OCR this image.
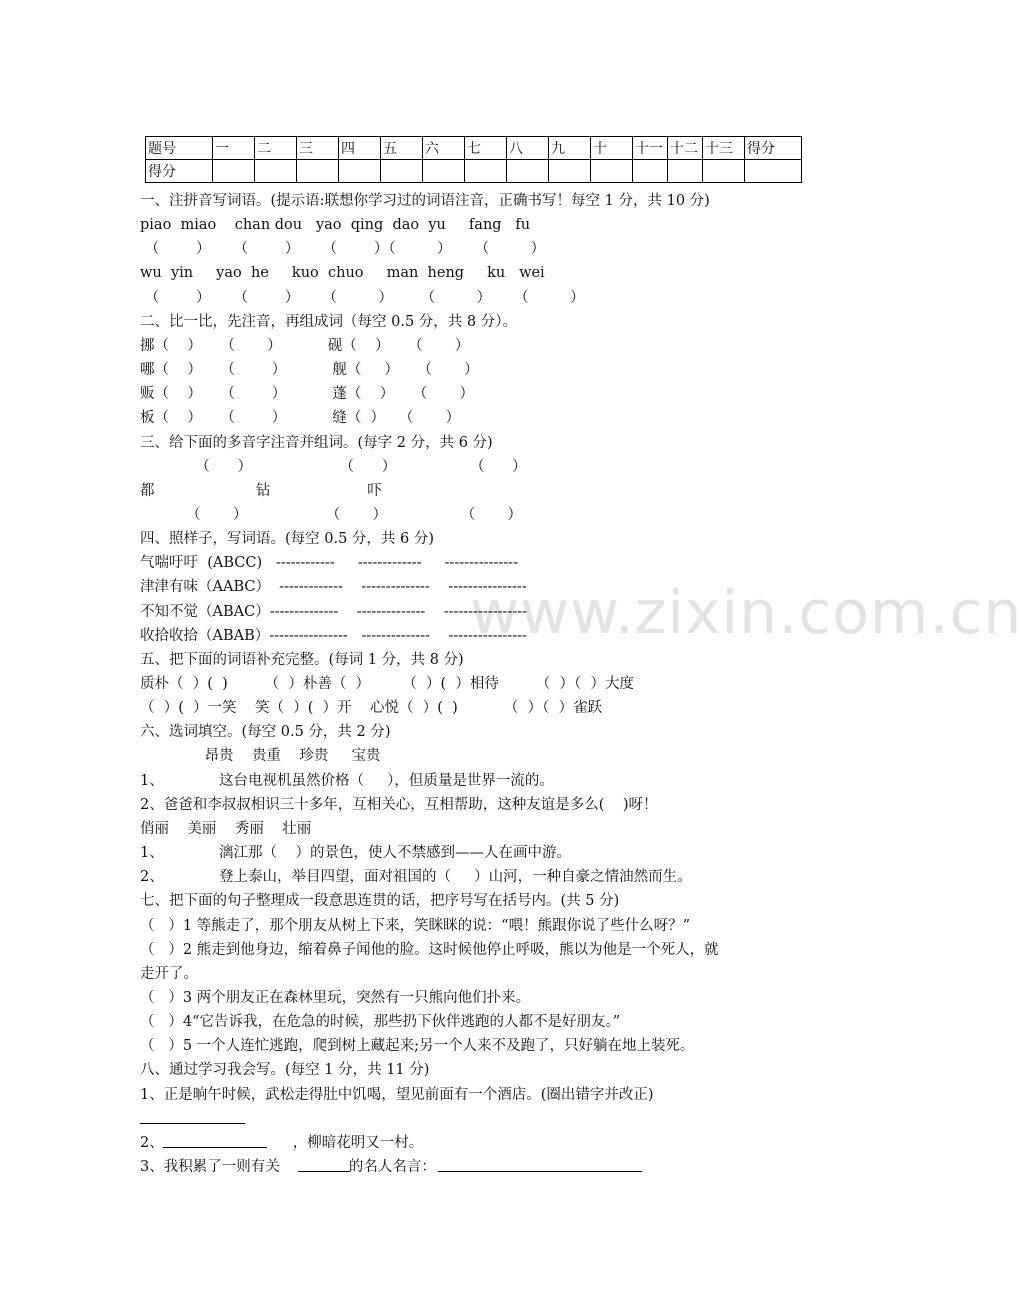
www.zixin.com.cn
题号	一	二	三	四	五	六	七	八	九	十	十一	十二	十三	得分
得分														
一、注拼音写词语。(提示语:联想你学习过的词语注音，正确书写！每空 1 分，共 10 分)
piao  miao    chan dou   yao  qing  dao  yu     fang   fu
（        ）     （        ）     （        ）（         ）     （         ）
wu  yin     yao  he     kuo  chuo     man  heng     ku   wei
（        ）     （        ）     （         ）      （         ）     （         ）
二、比一比，先注音，再组成词（每空 0.5 分，共 8 分）。
挪（    ）    （       ）          砚（    ）    （       ）
哪（    ）    （        ）          舰（     ）    （       ）
贩（    ）    （        ）          蓬（    ）    （       ）
板（    ）    （        ）          缝（  ）   （       ）
三、给下面的多音字注音并组词。(每字 2 分，共 6 分)
（      ）                   （      ）                （      ）
都                      钻                     吓
（       ）                 （       ）                （       ）
四、照样子，写词语。(每空 0.5 分，共 6 分)
气喘吁吁  (ABCC)   ------------     -------------     ---------------
津津有味（AABC）  -------------    --------------    ----------------
不知不觉（ABAC）--------------    --------------    -----------------
收拾收拾（ABAB）----------------   --------------    ----------------
五、把下面的词语补充完整。(每词 1 分，共 8 分)
质朴（  ）(  )        （  ）朴善（  ）       （  ）(  ）相待        （  ）（  ）大度
（  ）(  ）一笑    笑（  ）(  ）开    心悦（  ）(  )          （  ）（  ）雀跃
六、选词填空。(每空 0.5 分，共 2 分)
昂贵    贵重    珍贵     宝贵
1、            这台电视机虽然价格（     ），但质量是世界一流的。
2、爸爸和李叔叔相识三十多年，互相关心，互相帮助，这种友谊是多么(    )呀！
俏丽    美丽    秀丽    壮丽
1、            漓江那（    ）的景色，使人不禁感到——人在画中游。
2、            登上泰山，举目四望，面对祖国的（     ）山河，一种自豪之情油然而生。
七、把下面的句子整理成一段意思连贯的话，把序号写在括号内。(共 5 分)
（   ）1 等熊走了，那个朋友从树上下来，笑眯眯的说：“喂！熊跟你说了些什么呀？”
（   ）2 熊走到他身边，缩着鼻子闻他的脸。这时候他停止呼吸，熊以为他是一个死人，就
走开了。
（   ）3 两个朋友正在森林里玩，突然有一只熊向他们扑来。
（   ）4“它告诉我，在危急的时候，那些扔下伙伴逃跑的人都不是好朋友。”
（   ）5 一个人连忙逃跑，爬到树上藏起来;另一个人来不及跑了，只好躺在地上装死。
八、通过学习我会写。(每空 1 分，共 11 分)
1、正是晌午时候，武松走得肚中饥喝，望见前面有一个酒店。(圈出错字并改正)
2、                            ，柳暗花明又一村。
3、我积累了一则有关               的名人名言：
